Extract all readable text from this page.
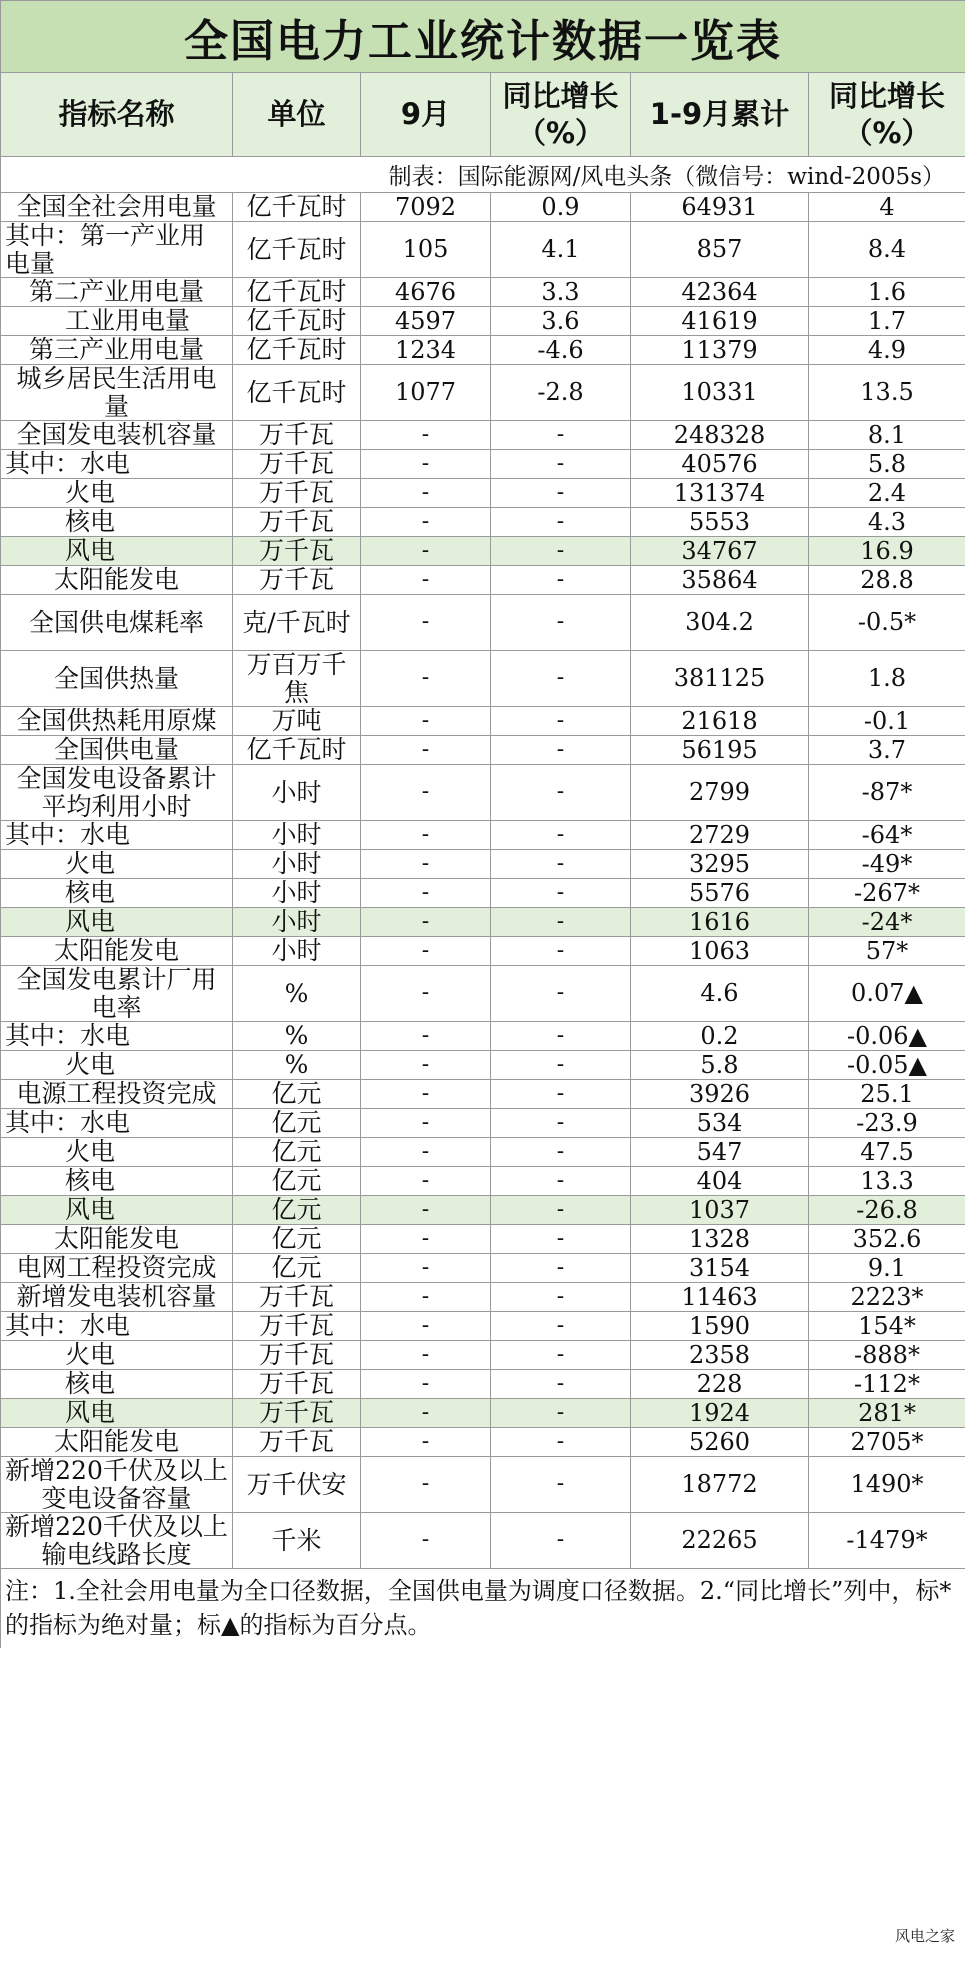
全国电力工业统计数据一览表					
指标名称	单位	9月	同比增长（%）	1-9月累计	同比增长（%）
制表：国际能源网/风电头条（微信号：wind-2005s）					
全国全社会用电量	亿千瓦时	7092	0.9	64931	4
其中：第一产业用电量	亿千瓦时	105	4.1	857	8.4
第二产业用电量	亿千瓦时	4676	3.3	42364	1.6
工业用电量	亿千瓦时	4597	3.6	41619	1.7
第三产业用电量	亿千瓦时	1234	-4.6	11379	4.9
城乡居民生活用电量	亿千瓦时	1077	-2.8	10331	13.5
全国发电装机容量	万千瓦	-	-	248328	8.1
其中：水电	万千瓦	-	-	40576	5.8
火电	万千瓦	-	-	131374	2.4
核电	万千瓦	-	-	5553	4.3
风电	万千瓦	-	-	34767	16.9
太阳能发电	万千瓦	-	-	35864	28.8
全国供电煤耗率	克/千瓦时	-	-	304.2	-0.5*
全国供热量	万百万千焦	-	-	381125	1.8
全国供热耗用原煤	万吨	-	-	21618	-0.1
全国供电量	亿千瓦时	-	-	56195	3.7
全国发电设备累计平均利用小时	小时	-	-	2799	-87*
其中：水电	小时	-	-	2729	-64*
火电	小时	-	-	3295	-49*
核电	小时	-	-	5576	-267*
风电	小时	-	-	1616	-24*
太阳能发电	小时	-	-	1063	57*
全国发电累计厂用电率	%	-	-	4.6	0.07▲
其中：水电	%	-	-	0.2	-0.06▲
火电	%	-	-	5.8	-0.05▲
电源工程投资完成	亿元	-	-	3926	25.1
其中：水电	亿元	-	-	534	-23.9
火电	亿元	-	-	547	47.5
核电	亿元	-	-	404	13.3
风电	亿元	-	-	1037	-26.8
太阳能发电	亿元	-	-	1328	352.6
电网工程投资完成	亿元	-	-	3154	9.1
新增发电装机容量	万千瓦	-	-	11463	2223*
其中：水电	万千瓦	-	-	1590	154*
火电	万千瓦	-	-	2358	-888*
核电	万千瓦	-	-	228	-112*
风电	万千瓦	-	-	1924	281*
太阳能发电	万千瓦	-	-	5260	2705*
新增220千伏及以上变电设备容量	万千伏安	-	-	18772	1490*
新增220千伏及以上输电线路长度	千米	-	-	22265	-1479*
注：1.全社会用电量为全口径数据，全国供电量为调度口径数据。2.“同比增长”列中，标*的指标为绝对量；标▲的指标为百分点。					
风电之家
